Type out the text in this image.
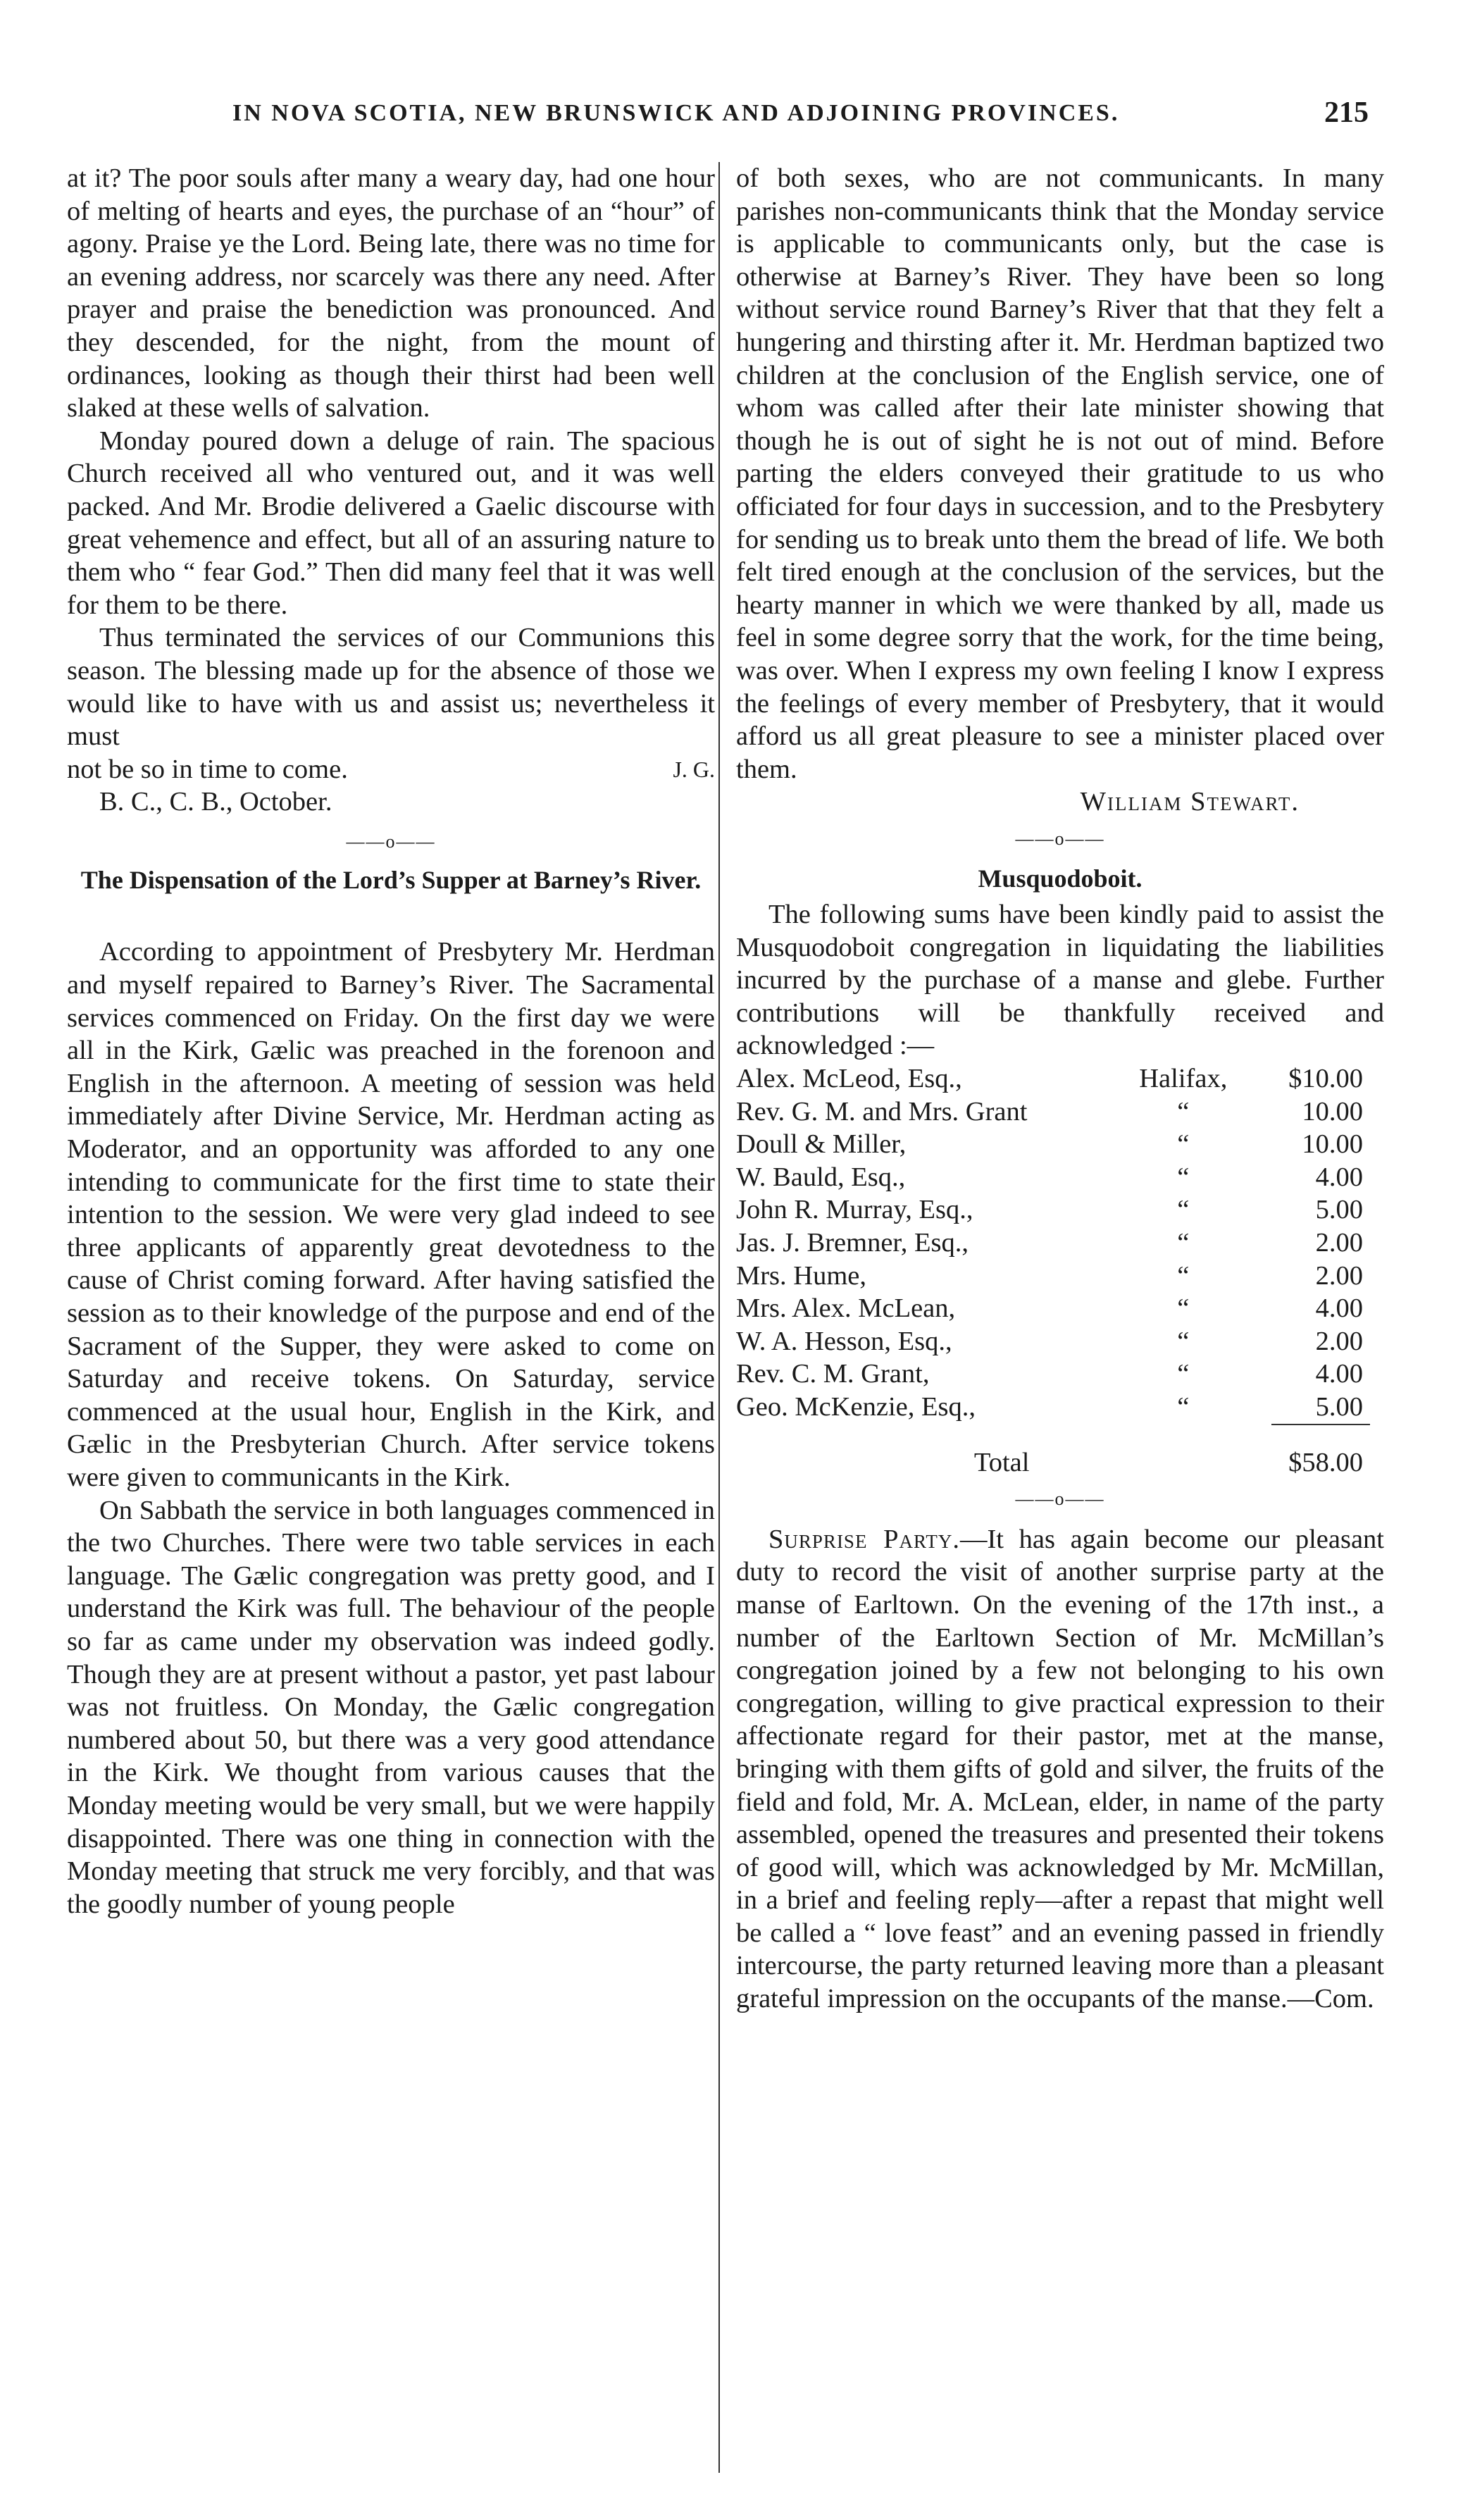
IN NOVA SCOTIA, NEW BRUNSWICK AND ADJOINING PROVINCES.	215

at it? The poor souls after many a weary day, had one hour of melting of hearts and eyes, the purchase of an “hour” of agony. Praise ye the Lord. Being late, there was no time for an evening address, nor scarcely was there any need. After prayer and praise the benediction was pronounced. And they descended, for the night, from the mount of ordinances, looking as though their thirst had been well slaked at these wells of salvation.

Monday poured down a deluge of rain. The spacious Church received all who ventured out, and it was well packed. And Mr. Brodie delivered a Gaelic discourse with great vehemence and effect, but all of an assuring nature to them who “ fear God.” Then did many feel that it was well for them to be there.

Thus terminated the services of our Communions this season. The blessing made up for the absence of those we would like to have with us and assist us; nevertheless it must

not be so in time to come.	J. G.

B. C., C. B., October.

——o——
The Dispensation of the Lord’s Supper at Barney’s River.

According to appointment of Presbytery Mr. Herdman and myself repaired to Barney’s River. The Sacramental services commenced on Friday. On the first day we were all in the Kirk, Gælic was preached in the forenoon and English in the afternoon. A meeting of session was held immediately after Divine Service, Mr. Herdman acting as Moderator, and an opportunity was afforded to any one intending to communicate for the first time to state their intention to the session. We were very glad indeed to see three applicants of apparently great devotedness to the cause of Christ coming forward. After having satisfied the session as to their knowledge of the purpose and end of the Sacrament of the Supper, they were asked to come on Saturday and receive tokens. On Saturday, service commenced at the usual hour, English in the Kirk, and Gælic in the Presbyterian Church. After service tokens were given to communicants in the Kirk.

On Sabbath the service in both languages commenced in the two Churches. There were two table services in each language. The Gælic congregation was pretty good, and I understand the Kirk was full. The behaviour of the people so far as came under my observation was indeed godly. Though they are at present without a pastor, yet past labour was not fruitless. On Monday, the Gælic congregation numbered about 50, but there was a very good attendance in the Kirk. We thought from various causes that the Monday meeting would be very small, but we were happily disappointed. There was one thing in connection with the Monday meeting that struck me very forcibly, and that was the goodly number of young people

of both sexes, who are not communicants. In many parishes non-communicants think that the Monday service is applicable to communicants only, but the case is otherwise at Barney’s River. They have been so long without service round Barney’s River that that they felt a hungering and thirsting after it. Mr. Herdman baptized two children at the conclusion of the English service, one of whom was called after their late minister showing that though he is out of sight he is not out of mind. Before parting the elders conveyed their gratitude to us who officiated for four days in succession, and to the Presbytery for sending us to break unto them the bread of life. We both felt tired enough at the conclusion of the services, but the hearty manner in which we were thanked by all, made us feel in some degree sorry that the work, for the time being, was over. When I express my own feeling I know I express the feelings of every member of Presbytery, that it would afford us all great pleasure to see a minister placed over them.

William Stewart.
——o——
Musquodoboit.

The following sums have been kindly paid to assist the Musquodoboit congregation in liquidating the liabilities incurred by the purchase of a manse and glebe. Further contributions will be thankfully received and acknowledged :—

Alex. McLeod, Esq.,	Halifax,	$10.00
Rev. G. M. and Mrs. Grant	“	10.00
Doull & Miller,	“	10.00
W. Bauld, Esq.,	“	4.00
John R. Murray, Esq.,	“	5.00
Jas. J. Bremner, Esq.,	“	2.00
Mrs. Hume,	“	2.00
Mrs. Alex. McLean,	“	4.00
W. A. Hesson, Esq.,	“	2.00
Rev. C. M. Grant,	“	4.00
Geo. McKenzie, Esq.,	“	5.00

Total		$58.00
——o——

Surprise Party.—It has again become our pleasant duty to record the visit of another surprise party at the manse of Earltown. On the evening of the 17th inst., a number of the Earltown Section of Mr. McMillan’s congregation joined by a few not belonging to his own congregation, willing to give practical expression to their affectionate regard for their pastor, met at the manse, bringing with them gifts of gold and silver, the fruits of the field and fold, Mr. A. McLean, elder, in name of the party assembled, opened the treasures and presented their tokens of good will, which was acknowledged by Mr. McMillan, in a brief and feeling reply—after a repast that might well be called a “ love feast” and an evening passed in friendly intercourse, the party returned leaving more than a pleasant grateful impression on the occupants of the manse.—Com.
